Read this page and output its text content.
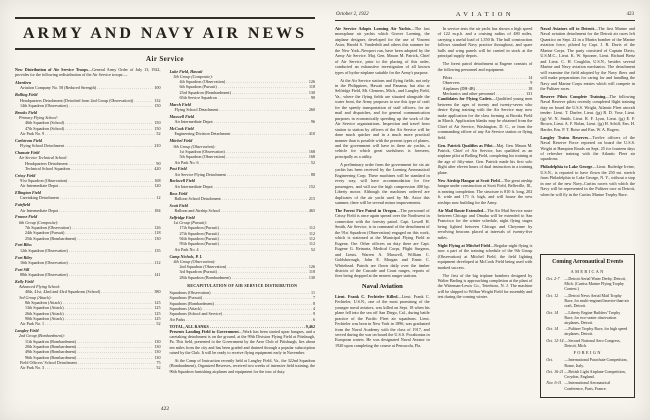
ARMY AND NAVY AIR NEWS
Air Service
New Distribution of Air Service Troops—General Army Order of July 13, 1922, provides for the following redistribution of the Air Service troops:—
Aberdeen
Aviation Company No. 58 (Reduced Strength) . . .	100
Bolling Field
Headquarters Detachment (Detached from 2nd Group (Observation)) . . .	132
14th Squadron (Observation) . . .	150
Brooks Field
Primary Flying School:
46th Squadron (School) . . .	150
47th Squadron (School) . . .	150
Air Park No. 9 . . .	52
Carlstrom Field
Flying School Detachment . . .	210
Chanute Field
Air Service Technical School:
Headquarters Detachment . . .	90
Technical School Squadron . . .	420
Crissy Field
91st Squadron (Observation) . . .	168
Air Intermediate Depot . . .	120
Ellington Field
Caretaking Detachment . . .	12
Fairfield
Air Intermediate Depot . . .	184
France Field
6th Group (Composite):
7th Squadron (Observation) . . .	126
24th Squadron (Pursuit) . . .	118
25th Squadron (Bombardment) . . .	130
Fort Bliss
12th Squadron (Observation) . . .	135
Fort Riley
16th Squadron (Observation) . . .	112
Fort Sill
88th Squadron (Observation) . . .	141
Kelly Field
Advanced Flying School:
40th, 41st, 42nd and 43rd Squadrons (School) . . .	380
3rd Group (Attack):
8th Squadron (Attack) . . .	125
13th Squadron (Attack) . . .	125
26th Squadron (Attack) . . .	125
90th Squadron (Attack) . . .	125
Air Park No. 1 . . .	52
Langley Field
2nd Group (Bombardment):
11th Squadron (Bombardment) . . .	130
20th Squadron (Bombardment) . . .	130
49th Squadron (Bombardment) . . .	130
96th Squadron (Bombardment) . . .	130
Field Officers' School Detachment . . .	75
Air Park No. 3 . . .	52
Luke Field, Hawaii
5th Group (Composite):
4th Squadron (Observation) . . .	126
6th Squadron (Pursuit) . . .	118
23rd Squadron (Bombardment) . . .	130
65th Service Squadron . . .	90
March Field
Flying School Detachment . . .	260
Maxwell Field
Air Intermediate Depot . . .	96
McCook Field
Engineering Division Detachment . . .	410
Mitchel Field
9th Group (Observation):
1st Squadron (Observation) . . .	168
5th Squadron (Observation) . . .	168
Air Park No. 6 . . .	52
Post Field
Air Service Flying Detachment . . .	88
Rockwell Field
Air Intermediate Depot . . .	152
Ross Field
Balloon School Detachment . . .	215
Scott Field
Balloon and Airship School . . .	465
Selfridge Field
1st Group (Pursuit):
17th Squadron (Pursuit) . . .	112
27th Squadron (Pursuit) . . .	112
94th Squadron (Pursuit) . . .	112
95th Squadron (Pursuit) . . .	112
Air Park No. 4 . . .	52
Camp Nichols, P. I.
4th Group (Observation):
2nd Squadron (Observation) . . .	126
3rd Squadron (Pursuit) . . .	118
28th Squadron (Bombardment) . . .	130
RECAPITULATION OF AIR SERVICE DISTRIBUTION
Squadrons (Observation) . . .	11
Squadrons (Pursuit) . . .	7
Squadrons (Bombardment) . . .	8
Squadrons (Attack) . . .	4
Squadrons (School and Service) . . .	9
Air Parks . . .	6
TOTAL, ALL RANKS . . .	9,462
Presents Landing Field to Government—Work has been started upon hangars, and a caretaking detachment is on the ground, at the 99th Division Flying Field at Pittsburgh, Pa. This field, presented to the Government by the Aero Club of Pittsburgh, lies about ten miles from the city and has been graded and drained through a popular subscription raised by the Club. It will be ready to receive flying equipment early in November.
At the Camp of Instruction recently held at Langley Field, Va., the 322nd Squadron (Bombardment), Organized Reserves, received two weeks of intensive field training, the 96th Squadron furnishing airplanes and equipment for the tour of duty.
422
October 2, 1922	AVIATION	423
Air Service Adopts Loening Air Yachts—The fast monoplane air yachts which Grover Loening, the airplane designer, developed for the use of Vincent Astor, Harold S. Vanderbilt and others this summer for the New York–Newport run, have been adopted by the Army Air Service. Maj. Gen. Mason M. Patrick, Chief of Air Service, prior to the placing of this order, conducted an exhaustive investigation of all known types of hydro-airplane suitable for the Army's purpose.
At the Air Service stations and flying fields, not only in the Philippines, Hawaii and Panama, but also at Selfridge Field, Mt. Clemens, Mich., and Langley Field, Va., where the flying fields are situated alongside the water front, the Army proposes to use this type of craft for the speedy transportation of staff officers, for air mail and dispatches, and for general communication purposes in economically speeding up the work of the Air Service organizations. Inspection and travel from station to station by officers of the Air Service will be done much quicker and in a much more practical manner than is possible with the present types of planes, and the government will have in these air yachts, a vehicle for which great usefulness is foreseen, principally as a utility.
A preliminary order from the government for six air yachts has been received by the Loening Aeronautical Engineering Corp. These machines will be standard in every way, will have accommodation for five passengers, and will use the high compression 400 hp. Liberty motor. Although the machines ordered are duplicates of the air yacht used by Mr. Astor this summer, there will be several minor improvements.
The Forest Fire Patrol in Oregon—The personnel of Crissy Field is once again spread over the Northwest in connection with the forestry patrol. Capt. Lowell H. Smith, Air Service, is in command of the detachment of the 91st Squadron (Observation) engaged on this work, which is stationed at the Municipal Flying Field at Eugene, Ore. Other officers on duty there are Capt. Eugene G. Reinartz, Medical Corps, Flight Surgeon, and Lieuts. Warren A. Maxwell, William C. Goldsborough, John E. Morgan and Ennis C. Whitehead. Patrols are flown daily over the timber districts of the Cascade and Coast ranges, reports of fires being dropped at the nearest ranger stations.
Naval Aviation
Lieut. Frank C. Fechteler Killed—Lieut. Frank C. Fechteler, U.S.N., one of the most promising of the younger naval aviators, was killed on Sept. 18 when his plane fell into the sea off San Diego, Cal., during battle practice of the Pacific Fleet air squadrons. Lieut. Fechteler was born in New York in 1896, was graduated from the Naval Academy with the class of 1917, and served during the war on board the U.S.S. Pocahontas in European waters. He was designated Naval Aviator in 1920 upon completing the course at Pensacola, Fla.
In service tests the air yacht has shown a high speed of 122 m.p.h. and a cruising radius of 480 miles, carrying a useful load of 1,350 lb. The hull construction follows standard Navy practice throughout, and spare hulls and wing panels will be carried in stock at the principal supply depots.
The forest patrol detachment at Eugene consists of the following personnel and equipment:
Pilots . . .	14
Observers . . .	9
Airplanes (DH-4B) . . .	18
Mechanics and other personnel . . .	131
Candidates for Flying Cadets—Qualified young men between the ages of twenty and twenty-seven who desire flying training with the Air Service may now make application for the class forming at Brooks Field in March. Application blanks may be obtained from the Chief of Air Service, Washington, D. C., or from the commanding officer of any Air Service station or flying field.
Gen. Patrick Qualifies as Pilot—Maj. Gen. Mason M. Patrick, Chief of Air Service, has qualified as an airplane pilot at Bolling Field, completing his training at the age of fifty-nine. Gen. Patrick made his first solo flight after eleven hours of dual instruction in a training plane.
New Airship Hangar at Scott Field—The great airship hangar under construction at Scott Field, Belleville, Ill., is nearing completion. The structure is 810 ft. long, 202 ft. wide and 171 ft. high, and will house the new airships now building for the Army.
Air Mail Route Extended—The Air Mail Service route between Chicago and Omaha will be extended to San Francisco for the winter schedule, night flying stages being lighted between Chicago and Cheyenne by revolving beacons placed at intervals of twenty-five miles.
Night Flying at Mitchel Field—Regular night flying is now a part of the training schedule of the 9th Group (Observation) at Mitchel Field, the field lighting equipment developed at McCook Field being used with marked success.
The first of the big triplane bombers designed by Walter Barling is approaching completion at the plant of the Witteman-Lewis Co., Teterboro, N. J. The machine will be shipped to Wilbur Wright Field for assembly and test during the coming winter.
Naval Aviators off to Detroit—The first Marine and Naval aviation detachment for the Detroit air races left Quantico on Sept. 22 in a Martin bomber of the Marine aviation force, piloted by Capt. J. R. Davis of the Marine Corps. The party consisted of Captain Davis, U.S.M.C., Lieut. K. W. Spooner, Lieut. Richard Bertz and Lieut. C. H. Coughlin, U.S.N., besides several Marine and Navy aviation mechanics. The detachment will examine the field adopted by the Navy fliers and will make preparations for caring for and handling the Navy and Marine Corps entries which will compete in the Pulitzer races.
Reserve Pilots Complete Training—The following Naval Reserve pilots recently completed flight training duty on board the U.S.S. Wright, Atlantic Fleet aircraft tender: Lieut. T. Durfee, Lieut. (jg) R. D. Vose, Lieut. (jg) W. N. Smith, Lieut. R. F. Lyon, Lieut. (jg) E. F. Brown, Lieut. A. F. Bolan, Lieut. (jg) H. Schiff, Ens. H. Harder, Ens. P. T. Boise and Ens. W. A. Rogers.
Langley Trains Reserves—Twelve officers of the Naval Reserve Force reported on board the U.S.S. Wright at Hampton Roads on Sept. 25 for fourteen days of refresher training with the Atlantic Fleet air squadrons.
Philadelphia to Lake George—Lieut. Rutledge Irvine, U.S.N., is reported to have flown the 250 mi. stretch from Philadelphia to Lake George, N. Y., without a stop in one of the new Navy–Curtiss racers with which the Navy will be represented in the Pulitzer race at Detroit, when he will fly in the Curtiss Marine Trophy Race.
Coming Aeronautical Events
AMERICAN
Oct. 2-7	—Detroit Aerial Water Derby, Detroit, Mich. (Curtiss Marine Flying Trophy Contest.)
Oct. 12	—Detroit News Aerial Mail Trophy Race, for multi-engined heavier-than-air craft, Detroit.
Oct. 14	—Liberty Engine Builders' Trophy Race, for two-seater observation airplanes, Detroit.
Oct. 14	—Pulitzer Trophy Race, for high speed airplanes, Detroit.
Oct. 12-14 —Second National Aero Congress, Detroit, Mich.
FOREIGN
Oct.	—International Parachute Competition, Rome, Italy.
Oct. 16-21 —British Light Airplane Competition, Croydon, England.
Nov. 6-11 —International Aeronautical Conference, Paris, France.
